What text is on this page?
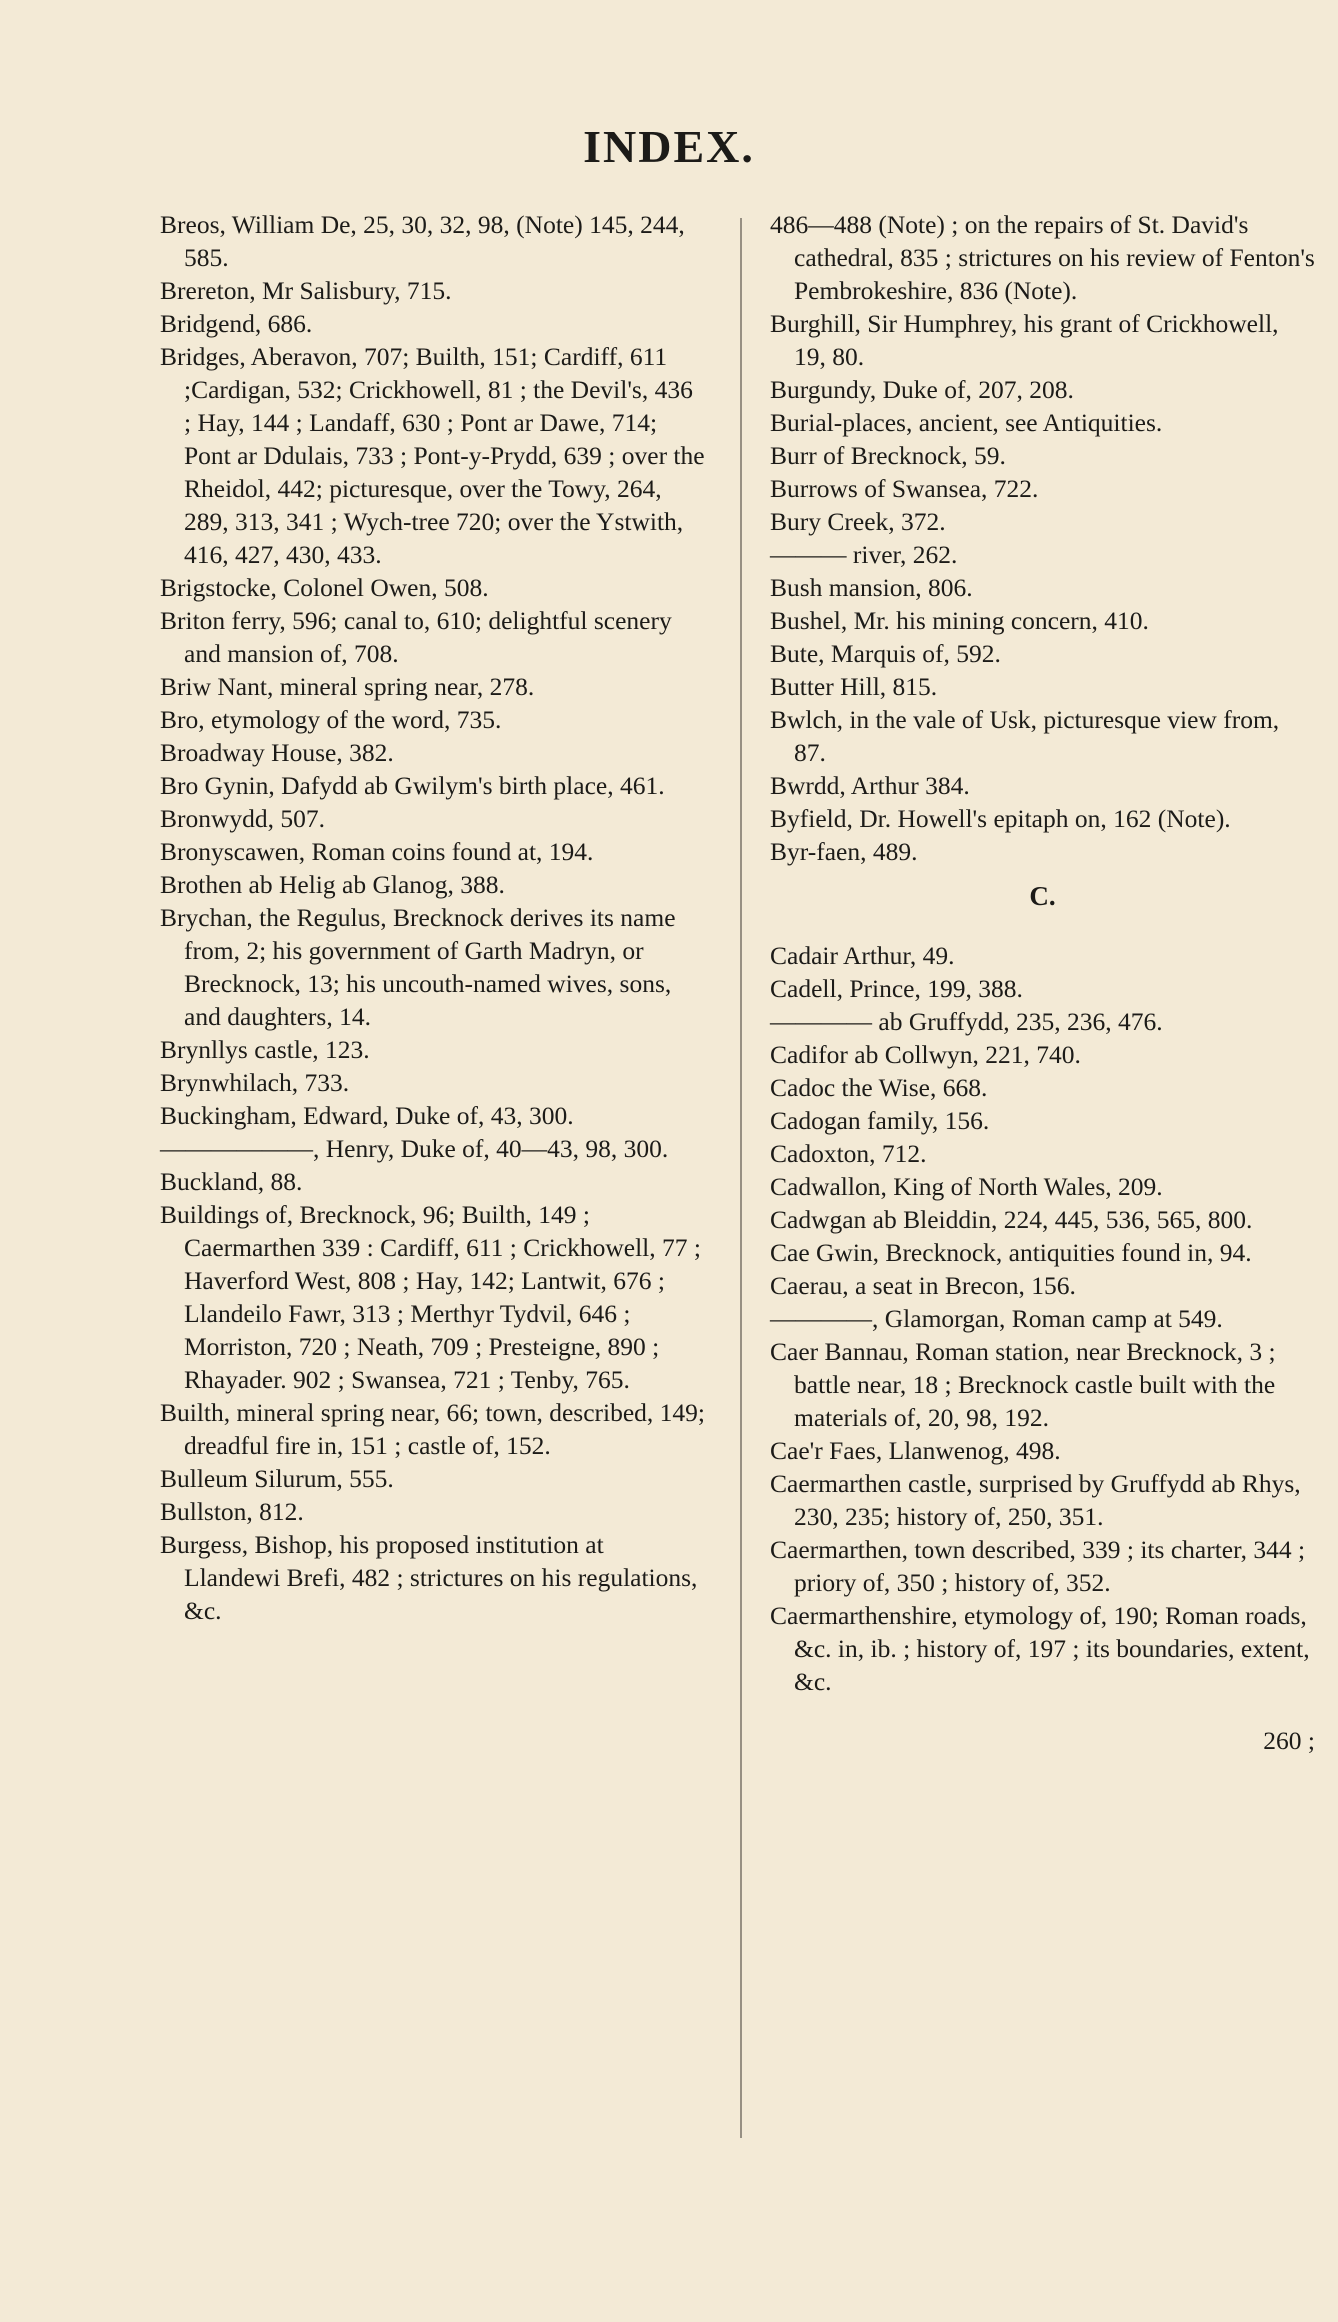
INDEX.

Breos, William De, 25, 30, 32, 98, (Note) 145, 244, 585.

Brereton, Mr Salisbury, 715.

Bridgend, 686.

Bridges, Aberavon, 707; Builth, 151; Cardiff, 611 ;Cardigan, 532; Crickhowell, 81 ; the Devil's, 436 ; Hay, 144 ; Landaff, 630 ; Pont ar Dawe, 714; Pont ar Ddulais, 733 ; Pont-y-Prydd, 639 ; over the Rheidol, 442; picturesque, over the Towy, 264, 289, 313, 341 ; Wych-tree 720; over the Ystwith, 416, 427, 430, 433.

Brigstocke, Colonel Owen, 508.

Briton ferry, 596; canal to, 610; delightful scenery and mansion of, 708.

Briw Nant, mineral spring near, 278.

Bro, etymology of the word, 735.

Broadway House, 382.

Bro Gynin, Dafydd ab Gwilym's birth place, 461.

Bronwydd, 507.

Bronyscawen, Roman coins found at, 194.

Brothen ab Helig ab Glanog, 388.

Brychan, the Regulus, Brecknock derives its name from, 2; his government of Garth Madryn, or Brecknock, 13; his uncouth-named wives, sons, and daughters, 14.

Brynllys castle, 123.

Brynwhilach, 733.

Buckingham, Edward, Duke of, 43, 300.

——————, Henry, Duke of, 40—43, 98, 300.

Buckland, 88.

Buildings of, Brecknock, 96; Builth, 149 ; Caermarthen 339 : Cardiff, 611 ; Crickhowell, 77 ; Haverford West, 808 ; Hay, 142; Lantwit, 676 ; Llandeilo Fawr, 313 ; Merthyr Tydvil, 646 ; Morriston, 720 ; Neath, 709 ; Presteigne, 890 ; Rhayader. 902 ; Swansea, 721 ; Tenby, 765.

Builth, mineral spring near, 66; town, described, 149; dreadful fire in, 151 ; castle of, 152.

Bulleum Silurum, 555.

Bullston, 812.

Burgess, Bishop, his proposed institution at Llandewi Brefi, 482 ; strictures on his regulations, &c.

486—488 (Note) ; on the repairs of St. David's cathedral, 835 ; strictures on his review of Fenton's Pembrokeshire, 836 (Note).

Burghill, Sir Humphrey, his grant of Crickhowell, 19, 80.

Burgundy, Duke of, 207, 208.

Burial-places, ancient, see Antiquities.

Burr of Brecknock, 59.

Burrows of Swansea, 722.

Bury Creek, 372.

——— river, 262.

Bush mansion, 806.

Bushel, Mr. his mining concern, 410.

Bute, Marquis of, 592.

Butter Hill, 815.

Bwlch, in the vale of Usk, picturesque view from, 87.

Bwrdd, Arthur 384.

Byfield, Dr. Howell's epitaph on, 162 (Note).

Byr-faen, 489.

C.

Cadair Arthur, 49.

Cadell, Prince, 199, 388.

———— ab Gruffydd, 235, 236, 476.

Cadifor ab Collwyn, 221, 740.

Cadoc the Wise, 668.

Cadogan family, 156.

Cadoxton, 712.

Cadwallon, King of North Wales, 209.

Cadwgan ab Bleiddin, 224, 445, 536, 565, 800.

Cae Gwin, Brecknock, antiquities found in, 94.

Caerau, a seat in Brecon, 156.

————, Glamorgan, Roman camp at 549.

Caer Bannau, Roman station, near Brecknock, 3 ; battle near, 18 ; Brecknock castle built with the materials of, 20, 98, 192.

Cae'r Faes, Llanwenog, 498.

Caermarthen castle, surprised by Gruffydd ab Rhys, 230, 235; history of, 250, 351.

Caermarthen, town described, 339 ; its charter, 344 ; priory of, 350 ; history of, 352.

Caermarthenshire, etymology of, 190; Roman roads, &c. in, ib. ; history of, 197 ; its boundaries, extent, &c.

260 ;
